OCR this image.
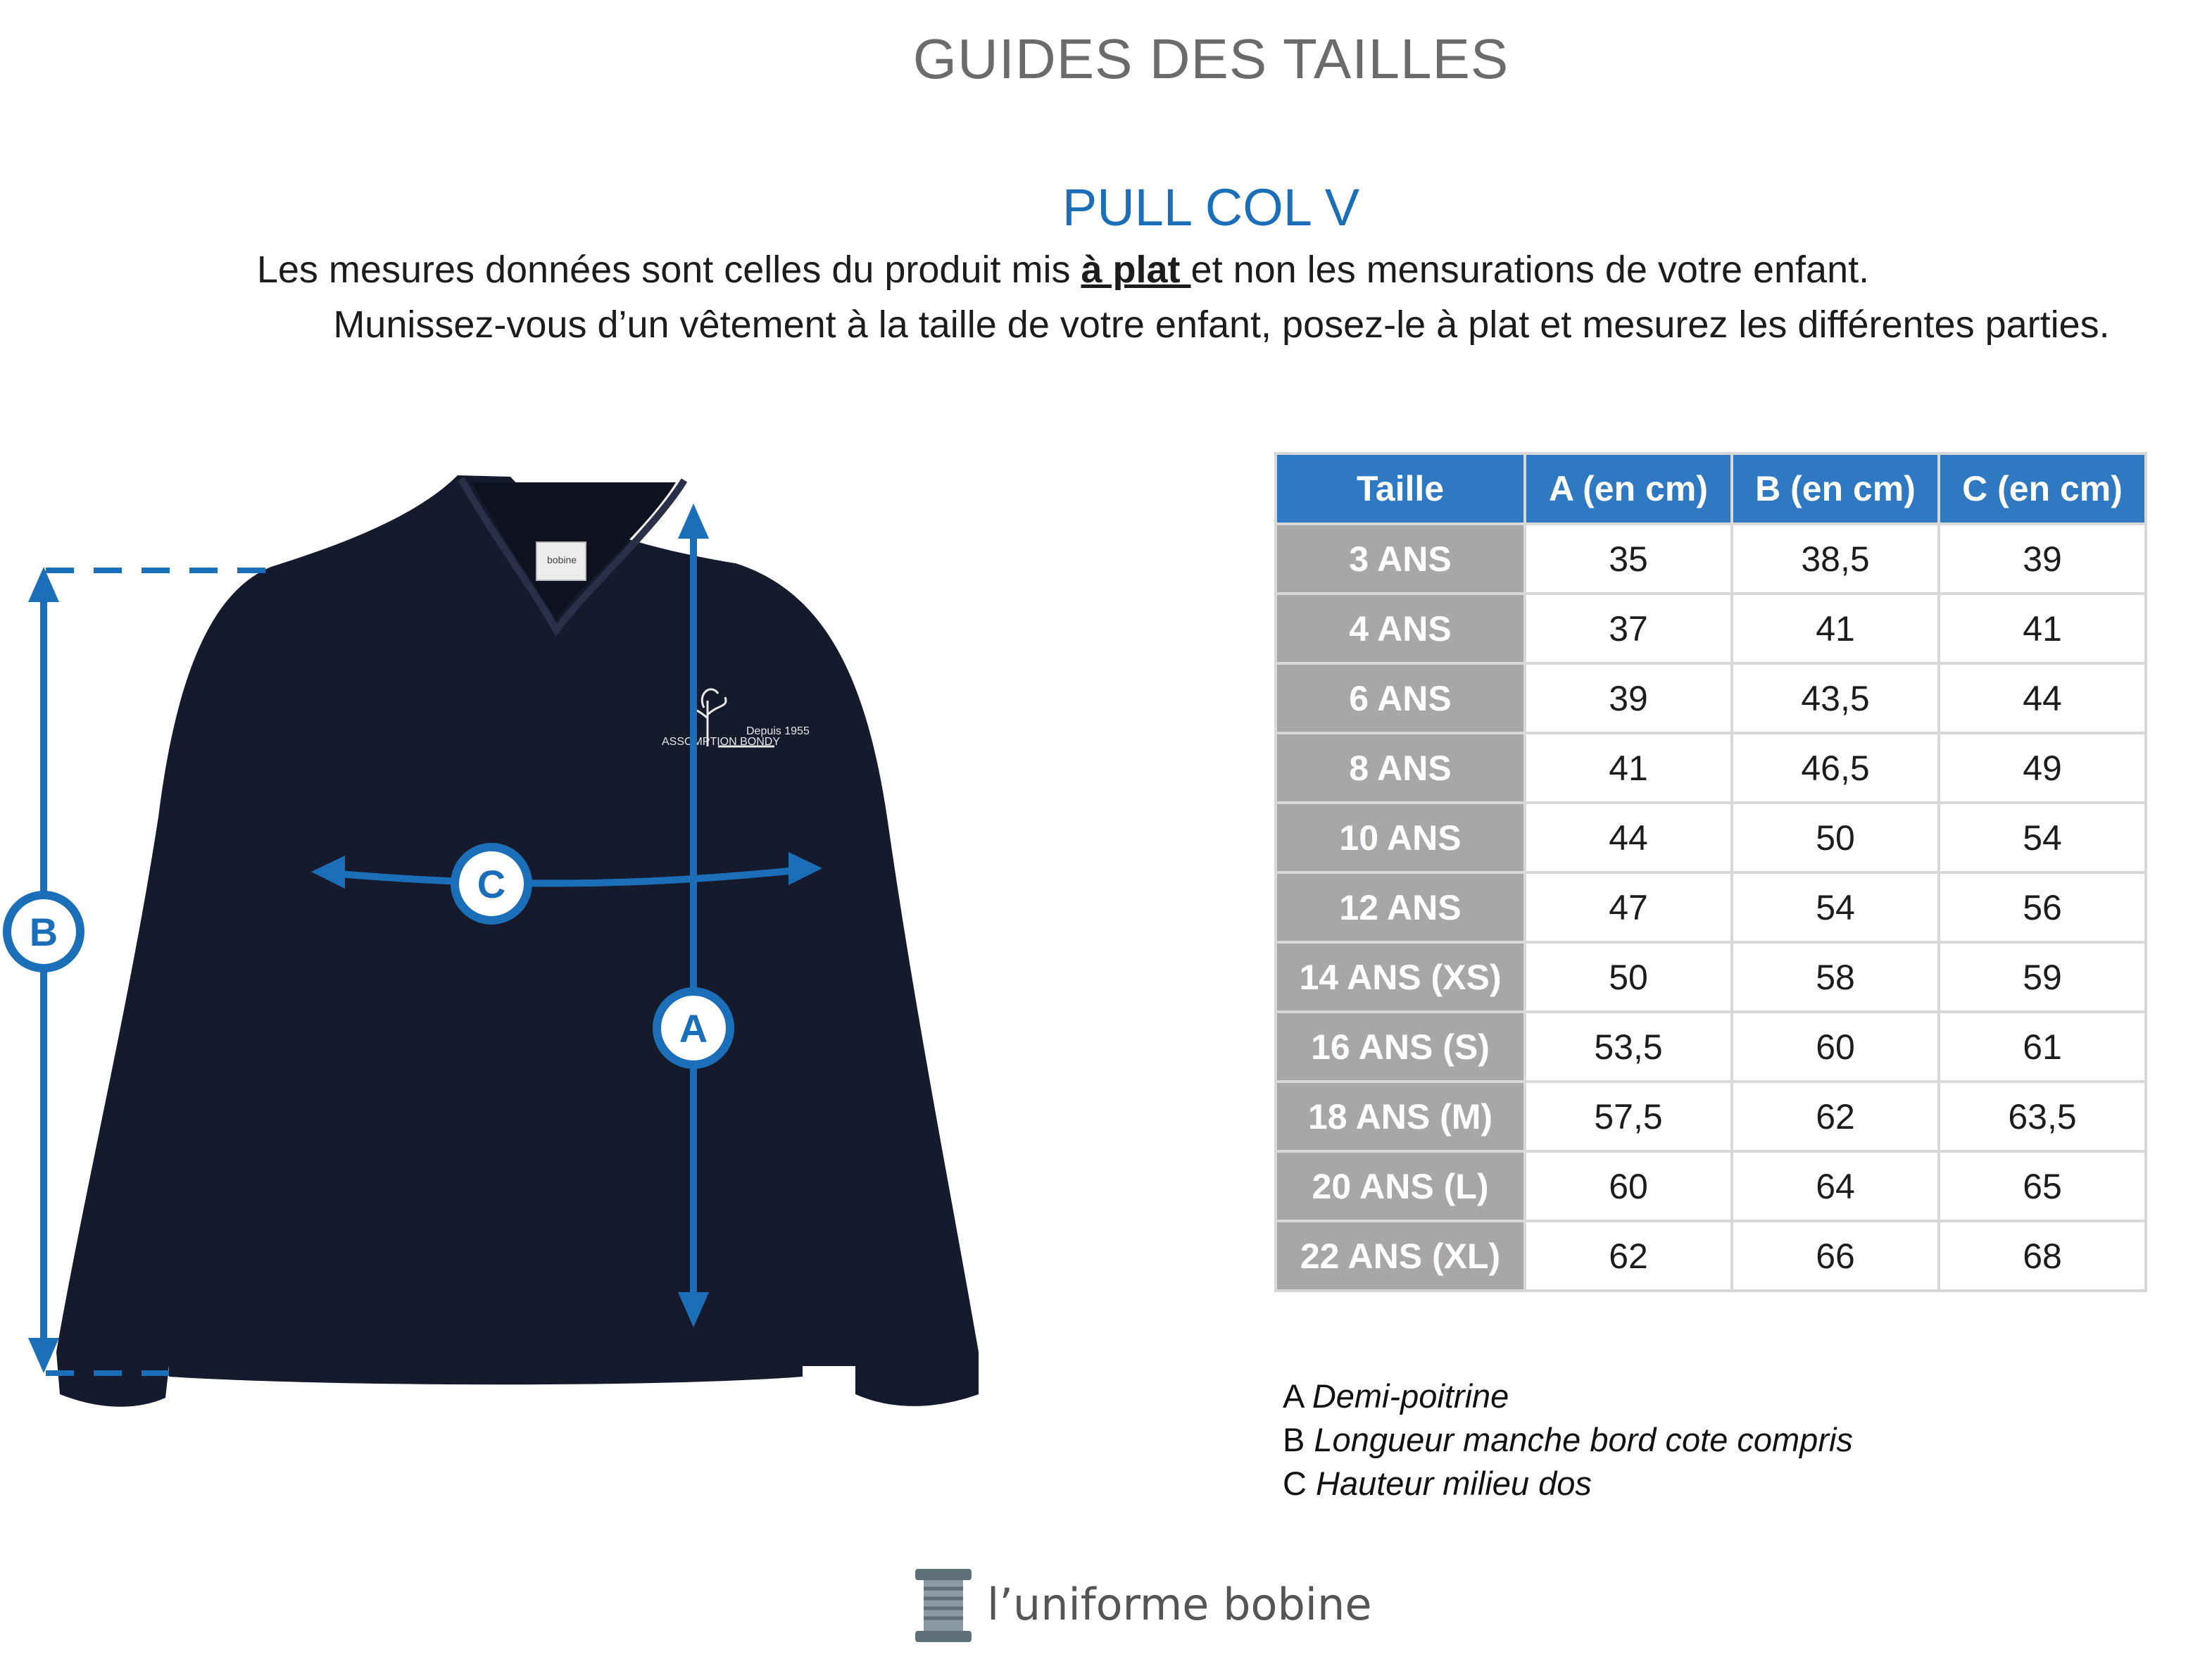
GUIDES DES TAILLES
PULL COL V
Les mesures données sont celles du produit mis à plat et non les mensurations de votre enfant.
Munissez-vous d’un vêtement à la taille de votre enfant, posez-le à plat et mesurez les différentes parties.
bobine
Depuis 1955
ASSOMPTION BONDY
B
C
A
Taille	A (en cm)	B (en cm)	C (en cm)
3 ANS	35	38,5	39
4 ANS	37	41	41
6 ANS	39	43,5	44
8 ANS	41	46,5	49
10 ANS	44	50	54
12 ANS	47	54	56
14 ANS (XS)	50	58	59
16 ANS (S)	53,5	60	61
18 ANS (M)	57,5	62	63,5
20 ANS (L)	60	64	65
22 ANS (XL)	62	66	68
A Demi-poitrine
B Longueur manche bord cote compris
C Hauteur milieu dos
l’uniforme bobine
